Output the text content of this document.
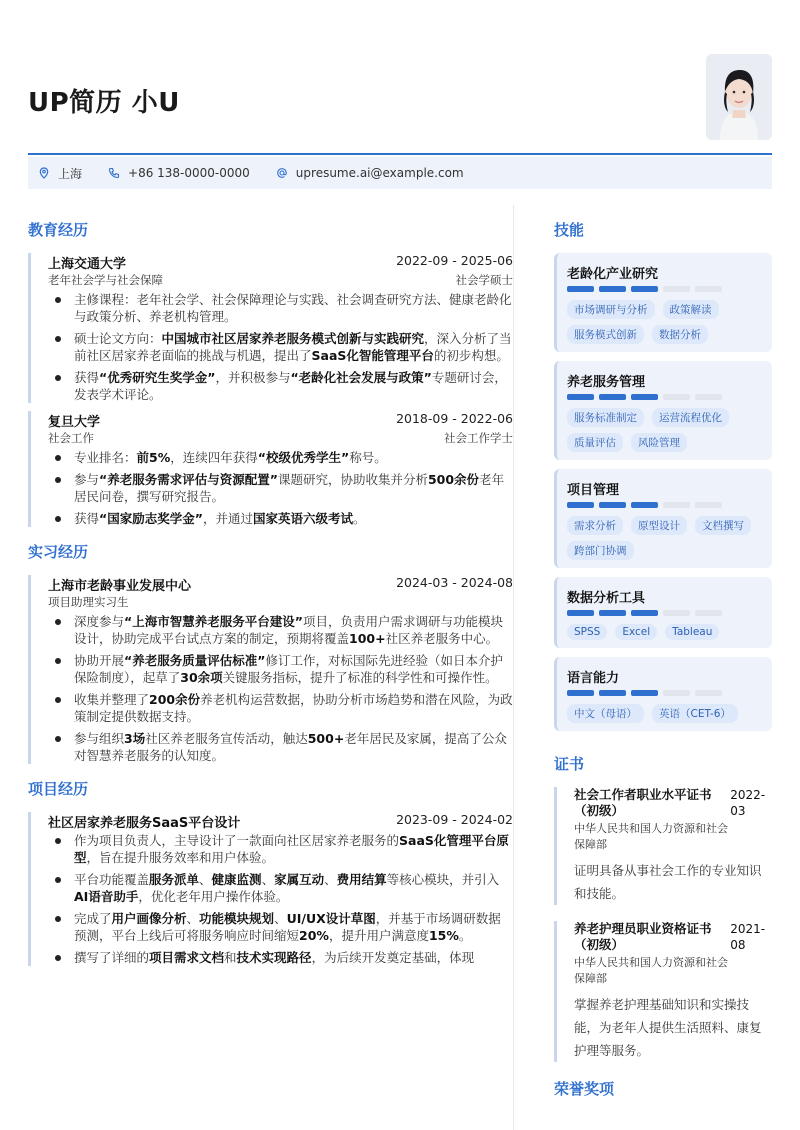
UP简历 小U
上海	+86 138-0000-0000	upresume.ai@example.com
教育经历
上海交通大学	2022-09 - 2025-06
老年社会学与社会保障	社会学硕士
主修课程：老年社会学、社会保障理论与实践、社会调查研究方法、健康老龄化与政策分析、养老机构管理。
硕士论文方向：中国城市社区居家养老服务模式创新与实践研究，深入分析了当前社区居家养老面临的挑战与机遇，提出了SaaS化智能管理平台的初步构想。
获得“优秀研究生奖学金”，并积极参与“老龄化社会发展与政策”专题研讨会，发表学术评论。
复旦大学	2018-09 - 2022-06
社会工作	社会工作学士
专业排名：前5%，连续四年获得“校级优秀学生”称号。
参与“养老服务需求评估与资源配置”课题研究，协助收集并分析500余份老年居民问卷，撰写研究报告。
获得“国家励志奖学金”，并通过国家英语六级考试。
实习经历
上海市老龄事业发展中心	2024-03 - 2024-08
项目助理实习生
深度参与“上海市智慧养老服务平台建设”项目，负责用户需求调研与功能模块设计，协助完成平台试点方案的制定，预期将覆盖100+社区养老服务中心。
协助开展“养老服务质量评估标准”修订工作，对标国际先进经验（如日本介护保险制度），起草了30余项关键服务指标，提升了标准的科学性和可操作性。
收集并整理了200余份养老机构运营数据，协助分析市场趋势和潜在风险，为政策制定提供数据支持。
参与组织3场社区养老服务宣传活动，触达500+老年居民及家属，提高了公众对智慧养老服务的认知度。
项目经历
社区居家养老服务SaaS平台设计	2023-09 - 2024-02
作为项目负责人，主导设计了一款面向社区居家养老服务的SaaS化管理平台原型，旨在提升服务效率和用户体验。
平台功能覆盖服务派单、健康监测、家属互动、费用结算等核心模块，并引入AI语音助手，优化老年用户操作体验。
完成了用户画像分析、功能模块规划、UI/UX设计草图，并基于市场调研数据预测，平台上线后可将服务响应时间缩短20%，提升用户满意度15%。
撰写了详细的项目需求文档和技术实现路径，为后续开发奠定基础，体现
技能
老龄化产业研究
市场调研与分析	政策解读
服务模式创新	数据分析
养老服务管理
服务标准制定	运营流程优化
质量评估	风险管理
项目管理
需求分析	原型设计	文档撰写
跨部门协调
数据分析工具
SPSS	Excel	Tableau
语言能力
中文（母语）	英语（CET-6）
证书
社会工作者职业水平证书（初级）
2022-03
中华人民共和国人力资源和社会保障部
证明具备从事社会工作的专业知识和技能。
养老护理员职业资格证书（初级）
2021-08
中华人民共和国人力资源和社会保障部
掌握养老护理基础知识和实操技能，为老年人提供生活照料、康复护理等服务。
荣誉奖项
